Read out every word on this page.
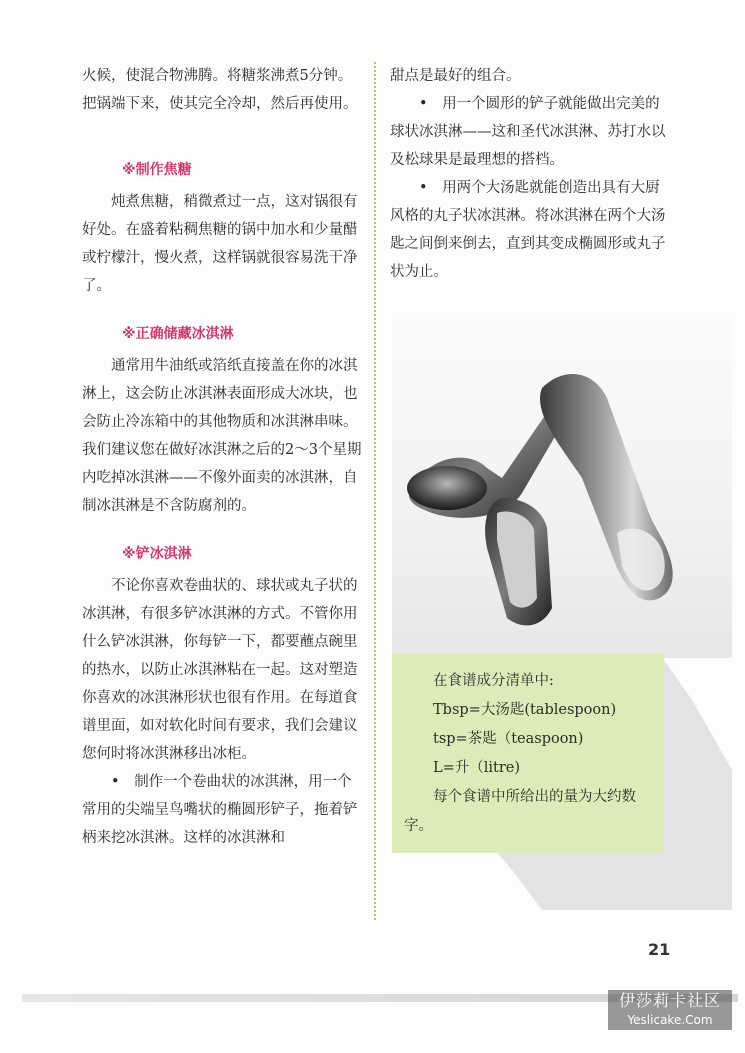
火候，使混合物沸腾。将糖浆沸煮5分钟。把锅端下来，使其完全冷却，然后再使用。

※制作焦糖

炖煮焦糖，稍微煮过一点，这对锅很有好处。在盛着粘稠焦糖的锅中加水和少量醋或柠檬汁，慢火煮，这样锅就很容易洗干净了。

※正确储藏冰淇淋

通常用牛油纸或箔纸直接盖在你的冰淇淋上，这会防止冰淇淋表面形成大冰块，也会防止冷冻箱中的其他物质和冰淇淋串味。我们建议您在做好冰淇淋之后的2～3个星期内吃掉冰淇淋——不像外面卖的冰淇淋，自制冰淇淋是不含防腐剂的。

※铲冰淇淋

不论你喜欢卷曲状的、球状或丸子状的冰淇淋，有很多铲冰淇淋的方式。不管你用什么铲冰淇淋，你每铲一下，都要蘸点碗里的热水，以防止冰淇淋粘在一起。这对塑造你喜欢的冰淇淋形状也很有作用。在每道食谱里面，如对软化时间有要求，我们会建议您何时将冰淇淋移出冰柜。

• 制作一个卷曲状的冰淇淋，用一个常用的尖端呈鸟嘴状的椭圆形铲子，拖着铲柄来挖冰淇淋。这样的冰淇淋和

甜点是最好的组合。

• 用一个圆形的铲子就能做出完美的球状冰淇淋——这和圣代冰淇淋、苏打水以及松球果是最理想的搭档。

• 用两个大汤匙就能创造出具有大厨风格的丸子状冰淇淋。将冰淇淋在两个大汤匙之间倒来倒去，直到其变成椭圆形或丸子状为止。

在食谱成分清单中:

Tbsp=大汤匙(tablespoon)
tsp=茶匙（teaspoon)
L=升（litre)

每个食谱中所给出的量为大约数字。

21
伊莎莉卡社区
Yeslicake.Com
